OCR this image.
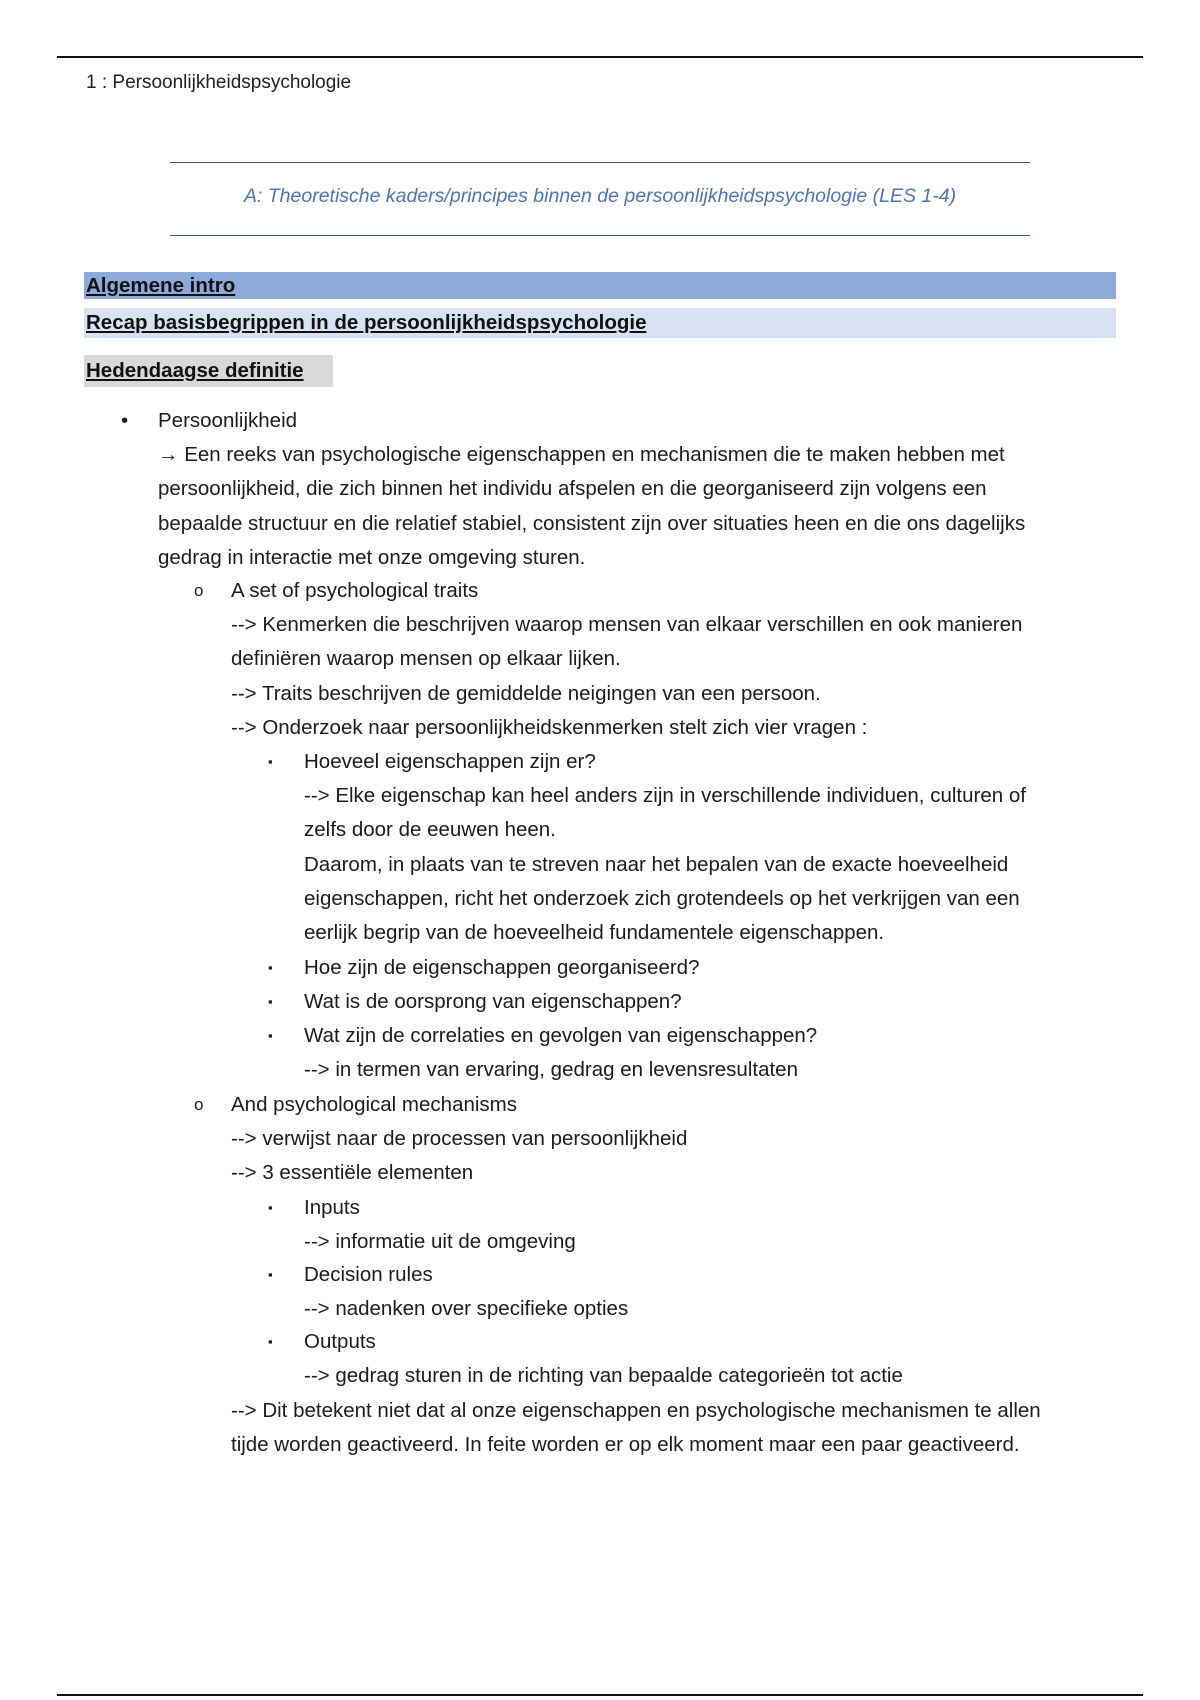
1 : Persoonlijkheidspsychologie
A: Theoretische kaders/principes binnen de persoonlijkheidspsychologie (LES 1-4)
Algemene intro
Recap basisbegrippen in de persoonlijkheidspsychologie
Hedendaagse definitie
• Persoonlijkheid
→ Een reeks van psychologische eigenschappen en mechanismen die te maken hebben met
persoonlijkheid, die zich binnen het individu afspelen en die georganiseerd zijn volgens een
bepaalde structuur en die relatief stabiel, consistent zijn over situaties heen en die ons dagelijks
gedrag in interactie met onze omgeving sturen.
o A set of psychological traits
--> Kenmerken die beschrijven waarop mensen van elkaar verschillen en ook manieren
definiëren waarop mensen op elkaar lijken.
--> Traits beschrijven de gemiddelde neigingen van een persoon.
--> Onderzoek naar persoonlijkheidskenmerken stelt zich vier vragen :
▪ Hoeveel eigenschappen zijn er?
--> Elke eigenschap kan heel anders zijn in verschillende individuen, culturen of
zelfs door de eeuwen heen.
Daarom, in plaats van te streven naar het bepalen van de exacte hoeveelheid
eigenschappen, richt het onderzoek zich grotendeels op het verkrijgen van een
eerlijk begrip van de hoeveelheid fundamentele eigenschappen.
▪ Hoe zijn de eigenschappen georganiseerd?
▪ Wat is de oorsprong van eigenschappen?
▪ Wat zijn de correlaties en gevolgen van eigenschappen?
--> in termen van ervaring, gedrag en levensresultaten
o And psychological mechanisms
--> verwijst naar de processen van persoonlijkheid
--> 3 essentiële elementen
▪ Inputs
--> informatie uit de omgeving
▪ Decision rules
--> nadenken over specifieke opties
▪ Outputs
--> gedrag sturen in de richting van bepaalde categorieën tot actie
--> Dit betekent niet dat al onze eigenschappen en psychologische mechanismen te allen
tijde worden geactiveerd. In feite worden er op elk moment maar een paar geactiveerd.
